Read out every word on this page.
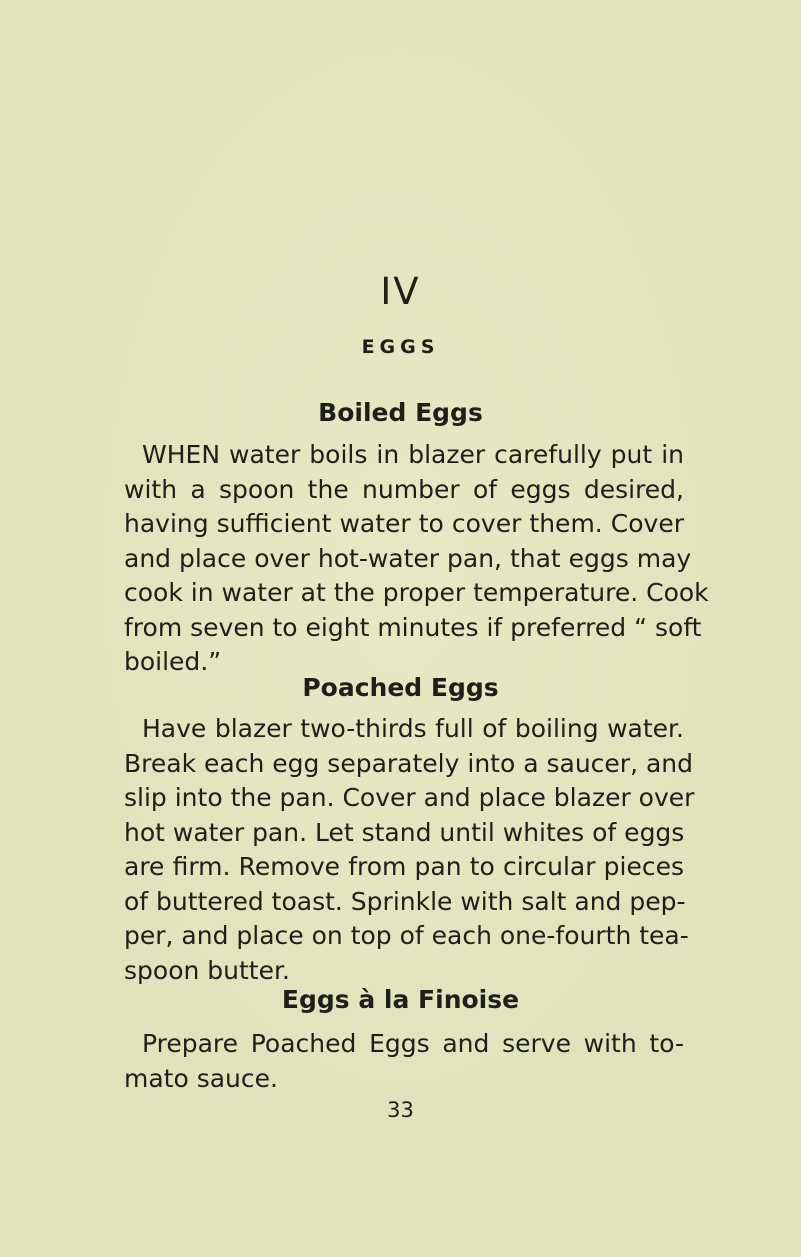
IV
EGGS
Boiled Eggs
WHEN water boils in blazer carefully put in
with a spoon the number of eggs desired,
having sufficient water to cover them. Cover
and place over hot-water pan, that eggs may
cook in water at the proper temperature. Cook
from seven to eight minutes if preferred “ soft
boiled.”
Poached Eggs
Have blazer two-thirds full of boiling water.
Break each egg separately into a saucer, and
slip into the pan. Cover and place blazer over
hot water pan. Let stand until whites of eggs
are firm. Remove from pan to circular pieces
of buttered toast. Sprinkle with salt and pep-
per, and place on top of each one-fourth tea-
spoon butter.
Eggs à la Finoise
Prepare Poached Eggs and serve with to-
mato sauce.
33
